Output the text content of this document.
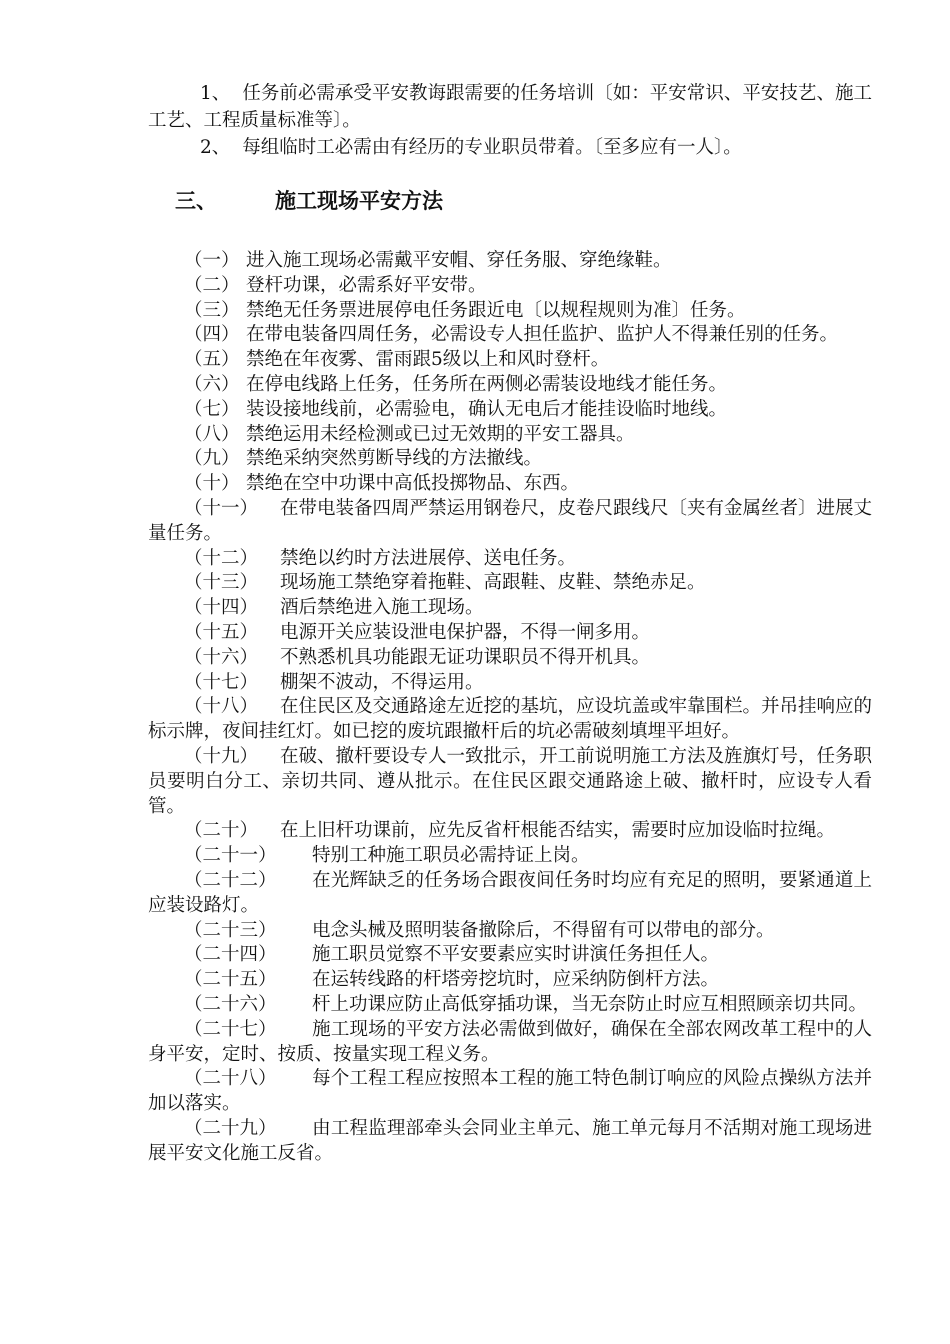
1、 任务前必需承受平安教诲跟需要的任务培训〔如：平安常识、平安技艺、施工工艺、工程质量标准等〕。

2、 每组临时工必需由有经历的专业职员带着。〔至多应有一人〕。

三、	施工现场平安方法

（一） 进入施工现场必需戴平安帽、穿任务服、穿绝缘鞋。

（二） 登杆功课，必需系好平安带。

（三） 禁绝无任务票进展停电任务跟近电〔以规程规则为准〕任务。

（四） 在带电装备四周任务，必需设专人担任监护、监护人不得兼任别的任务。

（五） 禁绝在年夜雾、雷雨跟5级以上和风时登杆。

（六） 在停电线路上任务，任务所在两侧必需装设地线才能任务。

（七） 装设接地线前，必需验电，确认无电后才能挂设临时地线。

（八） 禁绝运用未经检测或已过无效期的平安工器具。

（九） 禁绝采纳突然剪断导线的方法撤线。

（十） 禁绝在空中功课中高低投掷物品、东西。

（十一） 在带电装备四周严禁运用钢卷尺，皮卷尺跟线尺〔夹有金属丝者〕进展丈量任务。

（十二） 禁绝以约时方法进展停、送电任务。

（十三） 现场施工禁绝穿着拖鞋、高跟鞋、皮鞋、禁绝赤足。

（十四） 酒后禁绝进入施工现场。

（十五） 电源开关应装设泄电保护器，不得一闸多用。

（十六） 不熟悉机具功能跟无证功课职员不得开机具。

（十七） 棚架不波动，不得运用。

（十八） 在住民区及交通路途左近挖的基坑，应设坑盖或牢靠围栏。并吊挂响应的标示牌，夜间挂红灯。如已挖的废坑跟撤杆后的坑必需破刻填埋平坦好。

（十九） 在破、撤杆要设专人一致批示，开工前说明施工方法及旌旗灯号，任务职员要明白分工、亲切共同、遵从批示。在住民区跟交通路途上破、撤杆时，应设专人看管。

（二十） 在上旧杆功课前，应先反省杆根能否结实，需要时应加设临时拉绳。

（二十一） 特别工种施工职员必需持证上岗。

（二十二） 在光辉缺乏的任务场合跟夜间任务时均应有充足的照明，要紧通道上应装设路灯。

（二十三） 电念头械及照明装备撤除后，不得留有可以带电的部分。

（二十四） 施工职员觉察不平安要素应实时讲演任务担任人。

（二十五） 在运转线路的杆塔旁挖坑时，应采纳防倒杆方法。

（二十六） 杆上功课应防止高低穿插功课，当无奈防止时应互相照顾亲切共同。

（二十七） 施工现场的平安方法必需做到做好，确保在全部农网改革工程中的人身平安，定时、按质、按量实现工程义务。

（二十八） 每个工程工程应按照本工程的施工特色制订响应的风险点操纵方法并加以落实。

（二十九） 由工程监理部牵头会同业主单元、施工单元每月不活期对施工现场进展平安文化施工反省。
